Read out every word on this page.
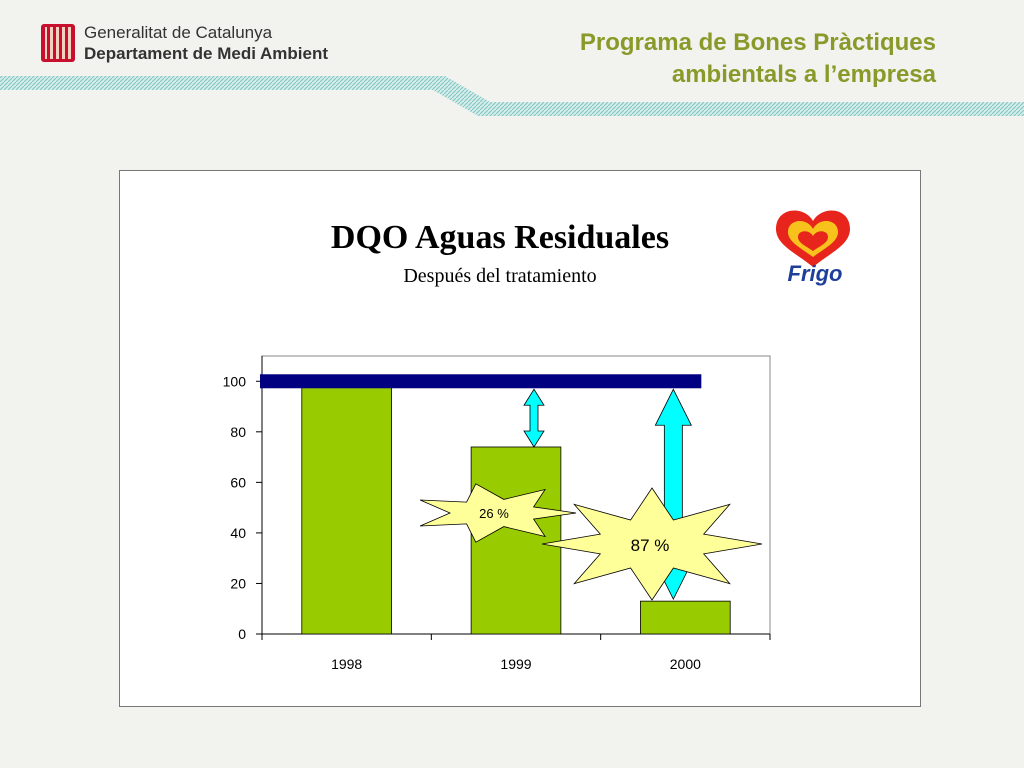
Generalitat de Catalunya
Departament de Medi Ambient	Programa de Bones Pràctiques
ambientals a l’empresa
DQO Aguas Residuales
Después del tratamiento	Frigo
0
20
40
60
80
100
1998	1999	2000
26 %
87 %
